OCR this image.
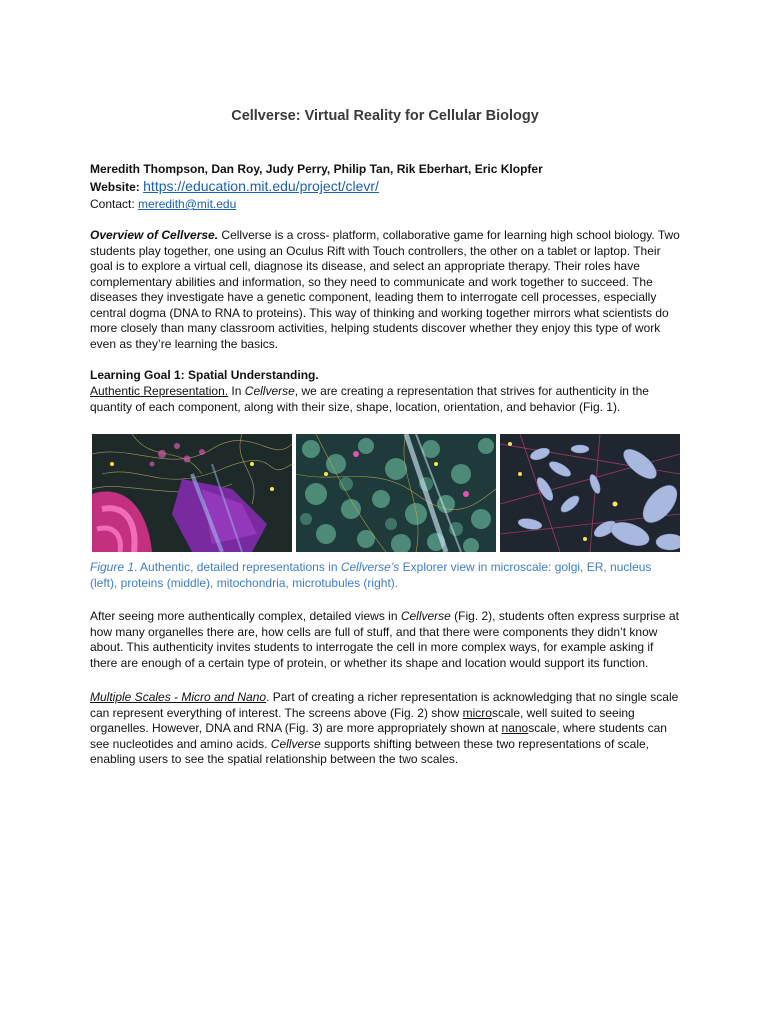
Cellverse: Virtual Reality for Cellular Biology
Meredith Thompson, Dan Roy, Judy Perry, Philip Tan, Rik Eberhart, Eric Klopfer
Website: https://education.mit.edu/project/clevr/
Contact: meredith@mit.edu

Overview of Cellverse. Cellverse is a cross- platform, collaborative game for learning high school biology. Two students play together, one using an Oculus Rift with Touch controllers, the other on a tablet or laptop. Their goal is to explore a virtual cell, diagnose its disease, and select an appropriate therapy. Their roles have complementary abilities and information, so they need to communicate and work together to succeed. The diseases they investigate have a genetic component, leading them to interrogate cell processes, especially central dogma (DNA to RNA to proteins). This way of thinking and working together mirrors what scientists do more closely than many classroom activities, helping students discover whether they enjoy this type of work even as they’re learning the basics.

Learning Goal 1: Spatial Understanding.

Authentic Representation. In Cellverse, we are creating a representation that strives for authenticity in the quantity of each component, along with their size, shape, location, orientation, and behavior (Fig. 1).

Figure 1. Authentic, detailed representations in Cellverse’s Explorer view in microscale: golgi, ER, nucleus (left), proteins (middle), mitochondria, microtubules (right).

After seeing more authentically complex, detailed views in Cellverse (Fig. 2), students often express surprise at how many organelles there are, how cells are full of stuff, and that there were components they didn’t know about. This authenticity invites students to interrogate the cell in more complex ways, for example asking if there are enough of a certain type of protein, or whether its shape and location would support its function.

Multiple Scales - Micro and Nano. Part of creating a richer representation is acknowledging that no single scale can represent everything of interest. The screens above (Fig. 2) show microscale, well suited to seeing organelles. However, DNA and RNA (Fig. 3) are more appropriately shown at nanoscale, where students can see nucleotides and amino acids. Cellverse supports shifting between these two representations of scale, enabling users to see the spatial relationship between the two scales.
